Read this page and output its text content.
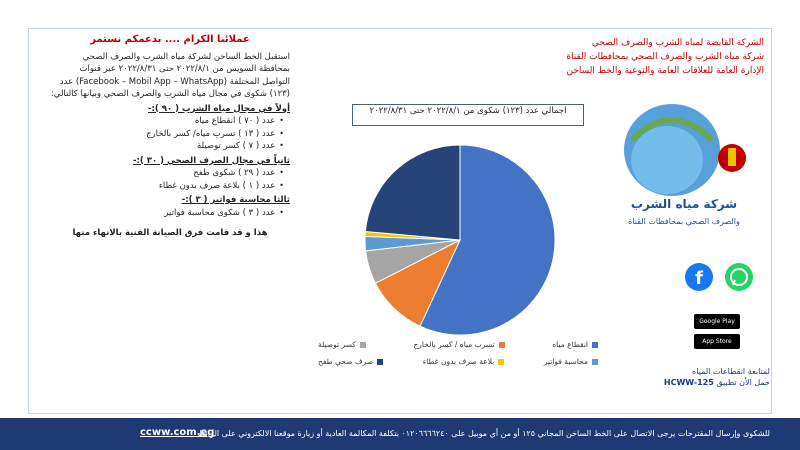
الشركة القابضة لمياه الشرب والصرف الصحي
شركة مياه الشرب والصرف الصحي بمحافظات القناة
الإدارة العامة للعلاقات العامة والتوعية والخط الساخن
عملائنا الكرام .... بدعمكم نستمر
استقبل الخط الساخن لشركة مياه الشرب والصرف الصحي بمحافظة السويس من ٢٠٢٢/٨/١ حتى ٢٠٢٢/٨/٣١ عبر قنوات التواصل المختلفة (Facebook – Mobil App – WhatsApp) عدد (١٢٣) شكوى في مجال مياه الشرب والصرف الصحي وبيانها كالتالي:
أولاً في مجال مياه الشرب ( ٩٠ ):-
•
عدد ( ٧٠ ) انقطاع مياه
•
عدد ( ١٣ ) تسرب مياه/ كسر بالخارج
•
عدد ( ٧ ) كسر توصيلة
ثانياً في مجال الصرف الصحي ( ٣٠ ):-
•
عدد ( ٢٩ ) شكوى طفح
•
عدد ( ١ ) بلاعة صرف بدون غطاء
ثالثا محاسبة فواتير ( ٣ ):-
•
عدد ( ٣ ) شكوى محاسبة فواتير
هذا و قد قامت فرق الصيانة الفنية بالانهاء منها
اجمالي عدد (١٢٣) شكوى من ٢٠٢٢/٨/١ حتى ٢٠٢٢/٨/٣١
انقطاع مياه
تسرب مياه / كسر بالخارج
كسر توصيلة
محاسبة فواتير
بلاعة صرف بدون غطاء
صرف صحي طفح
شركة مياه الشرب
والصرف الصحي بمحافظات القناة
f
Google Play
App Store
لمتابعة انقطاعات المياه
حمل الأن تطبيق HCWW-125
للشكوى وإرسال المقترحات يرجى الاتصال على الخط الساخن المجاني ١٢٥ أو من أي موبيل على ٠١٢٠٦٦٦٦٢٤٠ بتكلفة المكالمة العادية أو زيارة موقعنا الالكتروني على الرابط
ccww.com.eg
